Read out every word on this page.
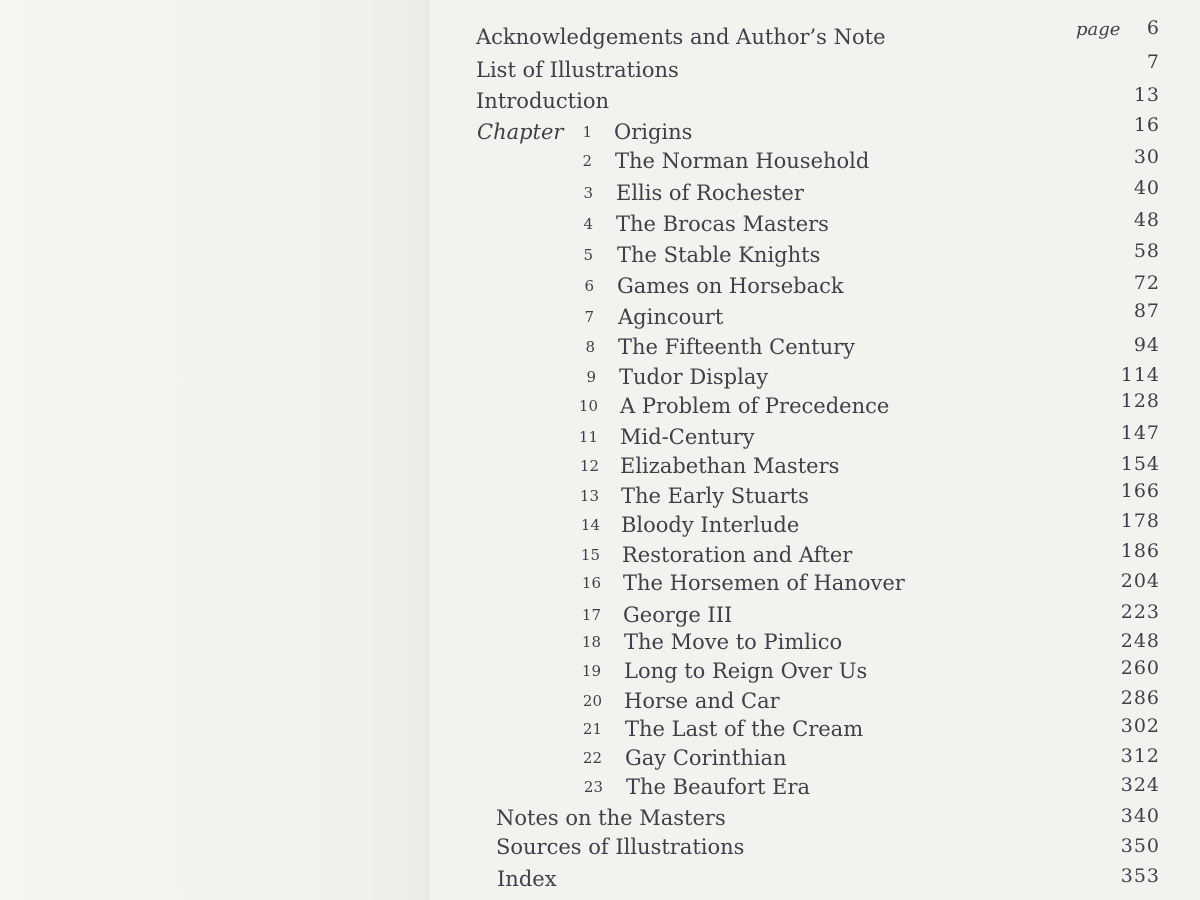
page
Acknowledgements and Author’s Note	6
List of Illustrations	7
Introduction	13
Chapter	1 Origins	16
2 The Norman Household	30
3 Ellis of Rochester	40
4 The Brocas Masters	48
5 The Stable Knights	58
6 Games on Horseback	72
7 Agincourt	87
8 The Fifteenth Century	94
9 Tudor Display	114
10 A Problem of Precedence	128
11 Mid-Century	147
12 Elizabethan Masters	154
13 The Early Stuarts	166
14 Bloody Interlude	178
15 Restoration and After	186
16 The Horsemen of Hanover	204
17 George III	223
18 The Move to Pimlico	248
19 Long to Reign Over Us	260
20 Horse and Car	286
21 The Last of the Cream	302
22 Gay Corinthian	312
23 The Beaufort Era	324
Notes on the Masters	340
Sources of Illustrations	350
Index	353
